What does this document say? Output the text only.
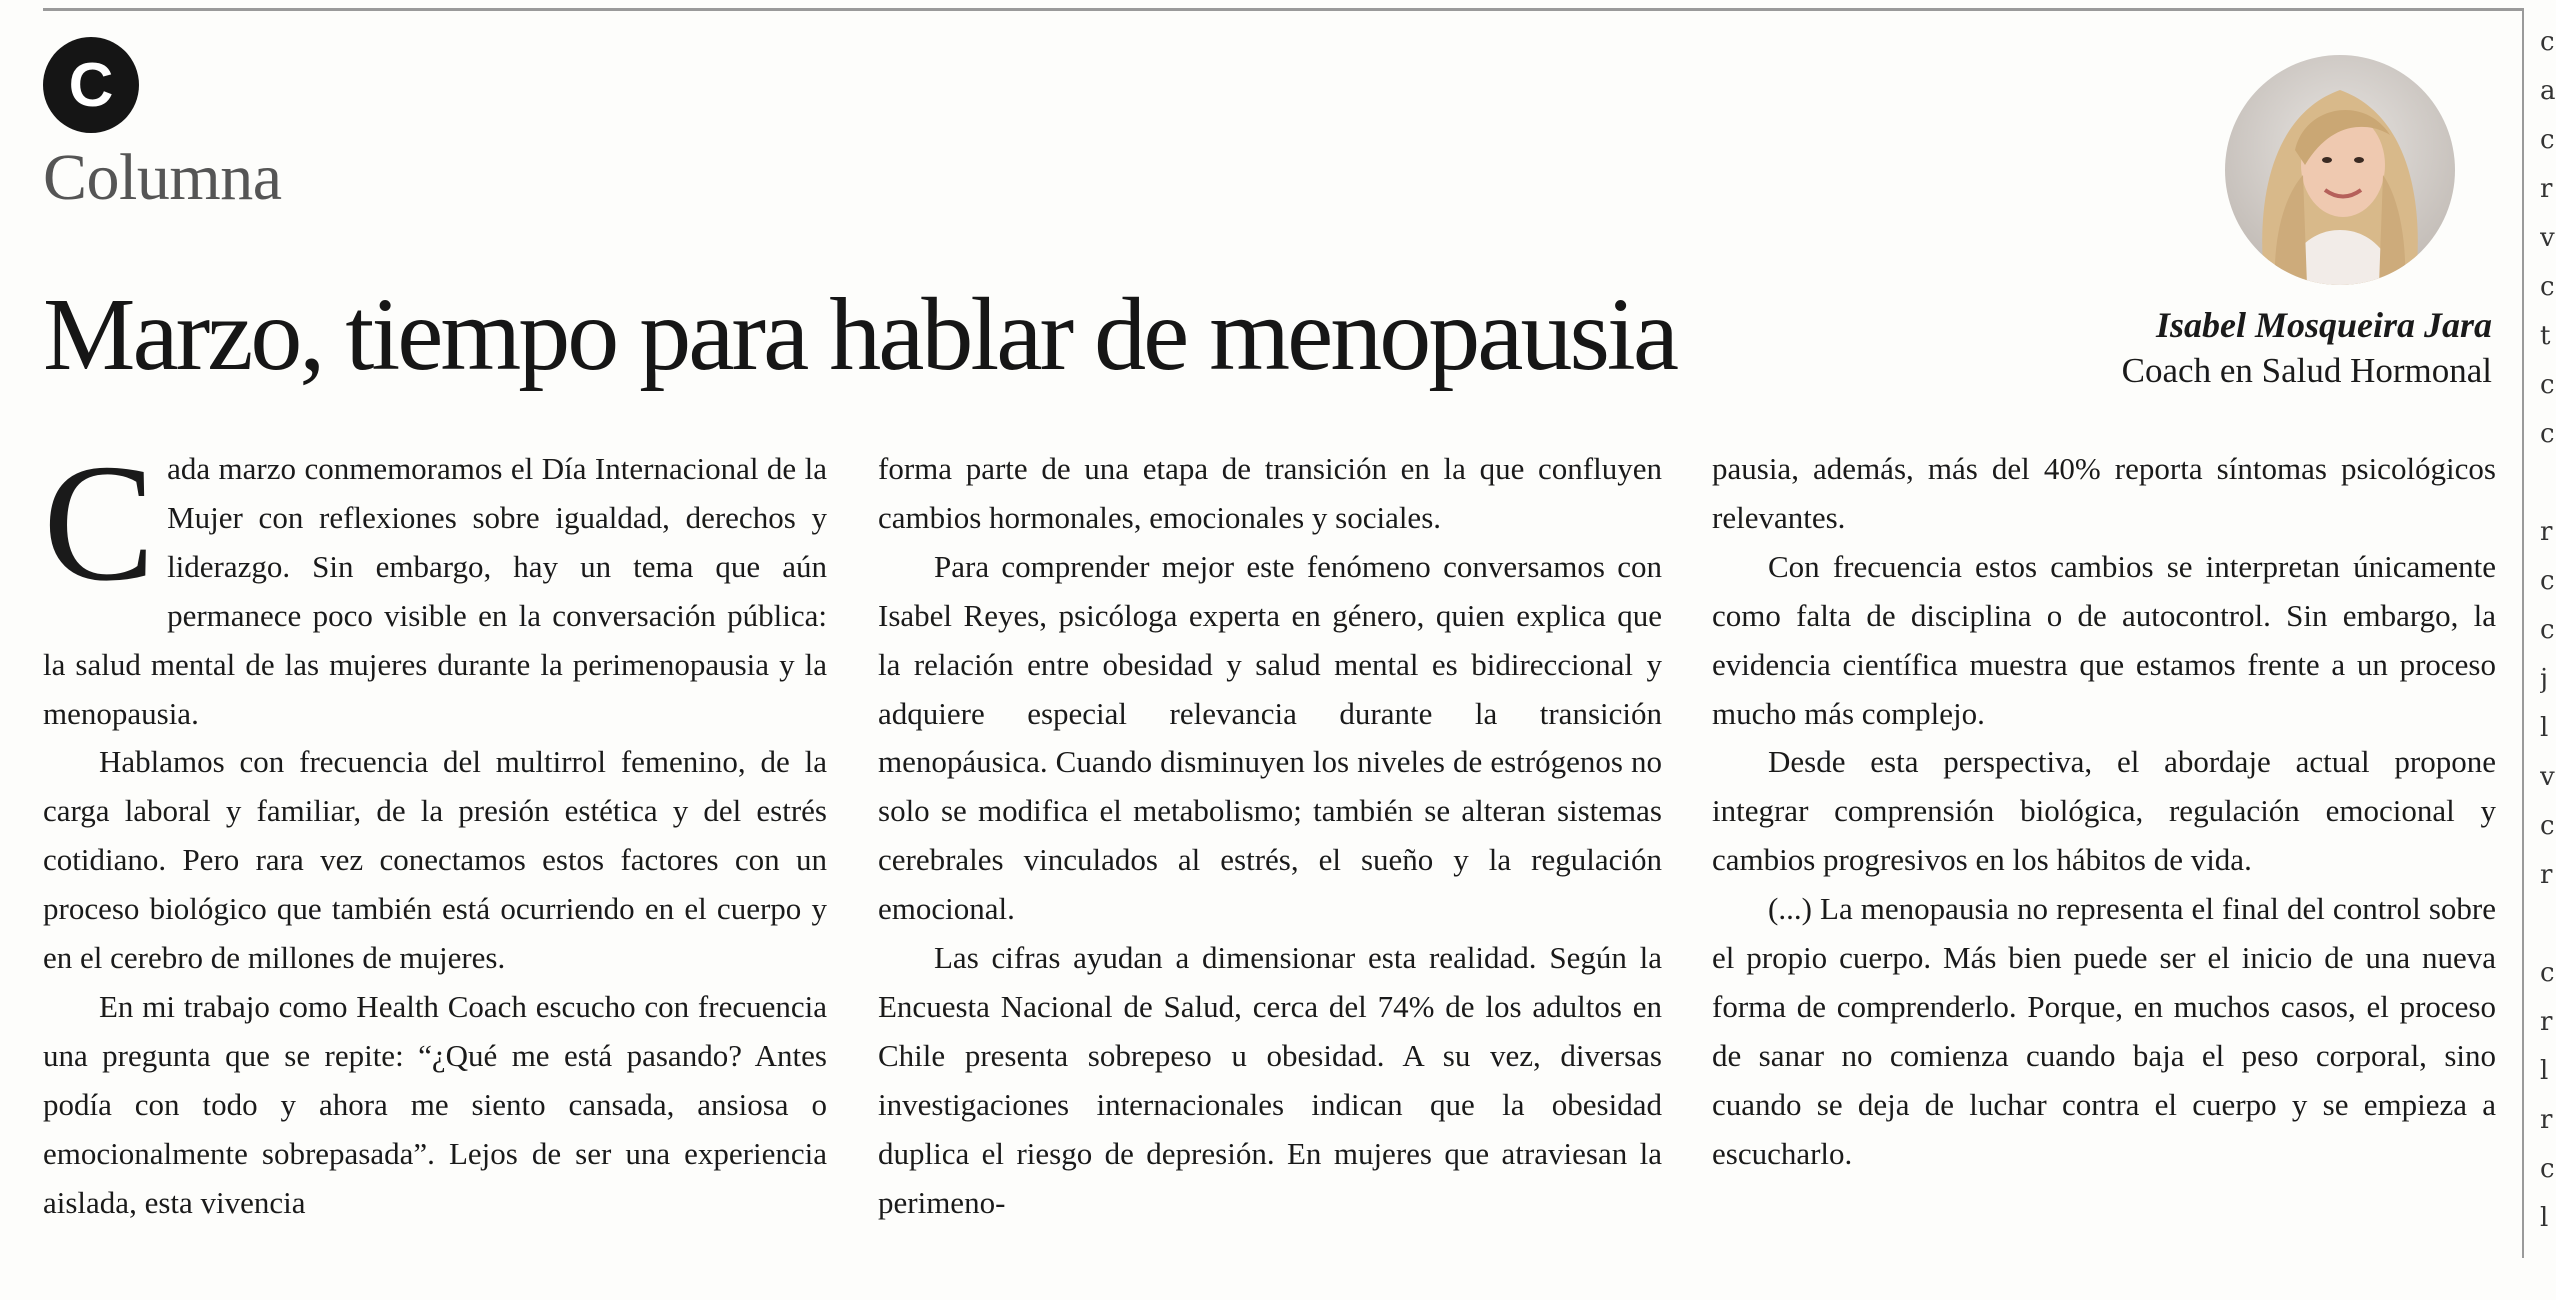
C
Columna
Marzo, tiempo para hablar de menopausia	Isabel Mosqueira Jara
Coach en Salud Hormonal

Cada marzo conmemoramos el Día Internacional de la Mujer con reflexiones sobre igualdad, derechos y liderazgo. Sin embargo, hay un tema que aún permanece poco visible en la conversación pública: la salud mental de las mujeres durante la perimenopausia y la menopausia.

Hablamos con frecuencia del multirrol femenino, de la carga laboral y familiar, de la presión estética y del estrés cotidiano. Pero rara vez conectamos estos factores con un proceso biológico que también está ocurriendo en el cuerpo y en el cerebro de millones de mujeres.

En mi trabajo como Health Coach escucho con frecuencia una pregunta que se repite: “¿Qué me está pasando? Antes podía con todo y ahora me siento cansada, ansiosa o emocionalmente sobrepasada”. Lejos de ser una experiencia aislada, esta vivencia

forma parte de una etapa de transición en la que confluyen cambios hormonales, emocionales y sociales.

Para comprender mejor este fenómeno conversamos con Isabel Reyes, psicóloga experta en género, quien explica que la relación entre obesidad y salud mental es bidireccional y adquiere especial relevancia durante la transición menopáusica. Cuando disminuyen los niveles de estrógenos no solo se modifica el metabolismo; también se alteran sistemas cerebrales vinculados al estrés, el sueño y la regulación emocional.

Las cifras ayudan a dimensionar esta realidad. Según la Encuesta Nacional de Salud, cerca del 74% de los adultos en Chile presenta sobrepeso u obesidad. A su vez, diversas investigaciones internacionales indican que la obesidad duplica el riesgo de depresión. En mujeres que atraviesan la perimeno-

pausia, además, más del 40% reporta síntomas psicológicos relevantes.

Con frecuencia estos cambios se interpretan únicamente como falta de disciplina o de autocontrol. Sin embargo, la evidencia científica muestra que estamos frente a un proceso mucho más complejo.

Desde esta perspectiva, el abordaje actual propone integrar comprensión biológica, regulación emocional y cambios progresivos en los hábitos de vida.

(...) La menopausia no representa el final del control sobre el propio cuerpo. Más bien puede ser el inicio de una nueva forma de comprenderlo. Porque, en muchos casos, el proceso de sanar no comienza cuando baja el peso corporal, sino cuando se deja de luchar contra el cuerpo y se empieza a escucharlo.

c
a
c
r
v
c
t
c
c
r
c
c
j
l
v
c
r
c
r
l
r
c
l
